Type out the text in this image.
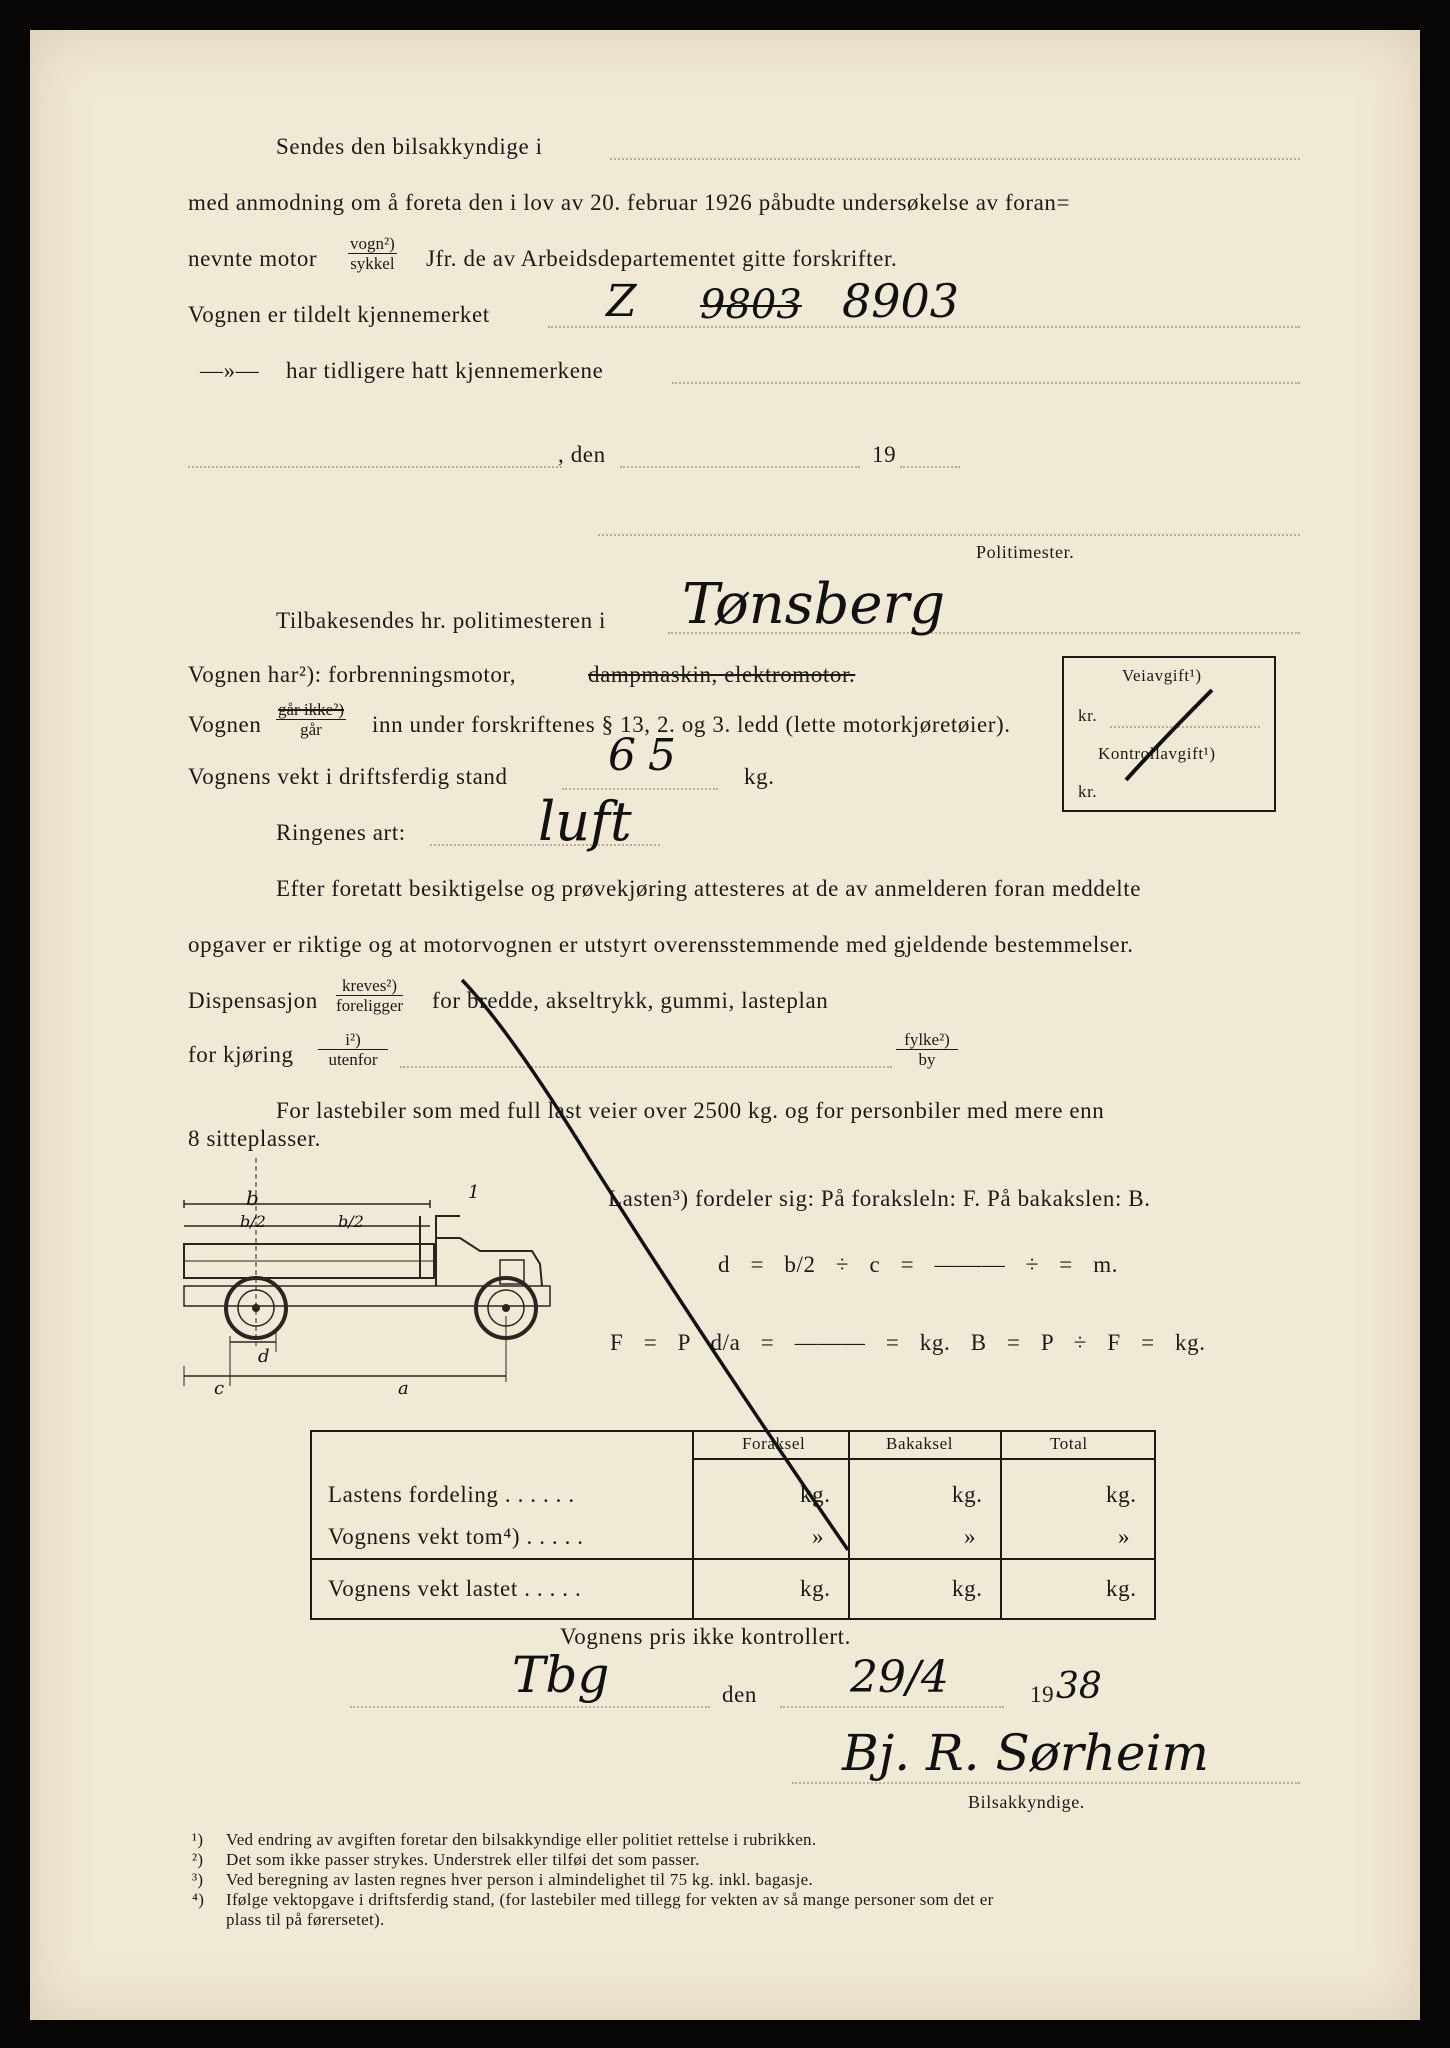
Sendes den bilsakkyndige i
med anmodning om å foreta den i lov av 20. februar 1926 påbudte undersøkelse av foran=
nevnte motor
vogn²)
sykkel Jfr. de av Arbeidsdepartementet gitte forskrifter.
Vognen er tildelt kjennemerket	Z 9803 8903
—»— har tidligere hatt kjennemerkene
, den	19
Politimester.
Tilbakesendes hr. politimesteren i Tønsberg
Vognen har²): forbrenningsmotor,	dampmaskin, elektromotor.
Vognen
går ikke²)
går	inn under forskriftenes § 13, 2. og 3. ledd (lette motorkjøretøier).
Vognens vekt i driftsferdig stand	kg.
65
Ringenes art: luft
Efter foretatt besiktigelse og prøvekjøring attesteres at de av anmelderen foran meddelte
opgaver er riktige og at motorvognen er utstyrt overensstemmende med gjeldende bestemmelser.
Dispensasjon
kreves²)
foreligger for bredde, akseltrykk, gummi, lasteplan
for kjøring
i²)
utenfor
fylke²)
by
For lastebiler som med full last veier over 2500 kg. og for personbiler med mere enn
8 sitteplasser.
Veiavgift¹)
kr.
Kontrollavgift¹)
kr.
b
b/2	b/2
1
d
c	a
Lasten³) fordeler sig: På foraksleln: F. På bakakslen: B.
d = b/2 ÷ c = ——— ÷ = m.
F = P d/a = ——— = kg. B = P ÷ F = kg.
Foraksel	Bakaksel	Total
Lastens fordeling . . . . . .	kg.	kg.	kg.
Vognens vekt tom⁴) . . . . .	»	»	»
Vognens vekt lastet . . . . .	kg.	kg.	kg.
Vognens pris ikke kontrollert.
Tbg	den 29/4	19 38
Bj. R. Sørheim
Bilsakkyndige.
¹) Ved endring av avgiften foretar den bilsakkyndige eller politiet rettelse i rubrikken.
²) Det som ikke passer strykes. Understrek eller tilføi det som passer.
³) Ved beregning av lasten regnes hver person i almindelighet til 75 kg. inkl. bagasje.
⁴) Ifølge vektopgave i driftsferdig stand, (for lastebiler med tillegg for vekten av så mange personer som det er
plass til på førersetet).
